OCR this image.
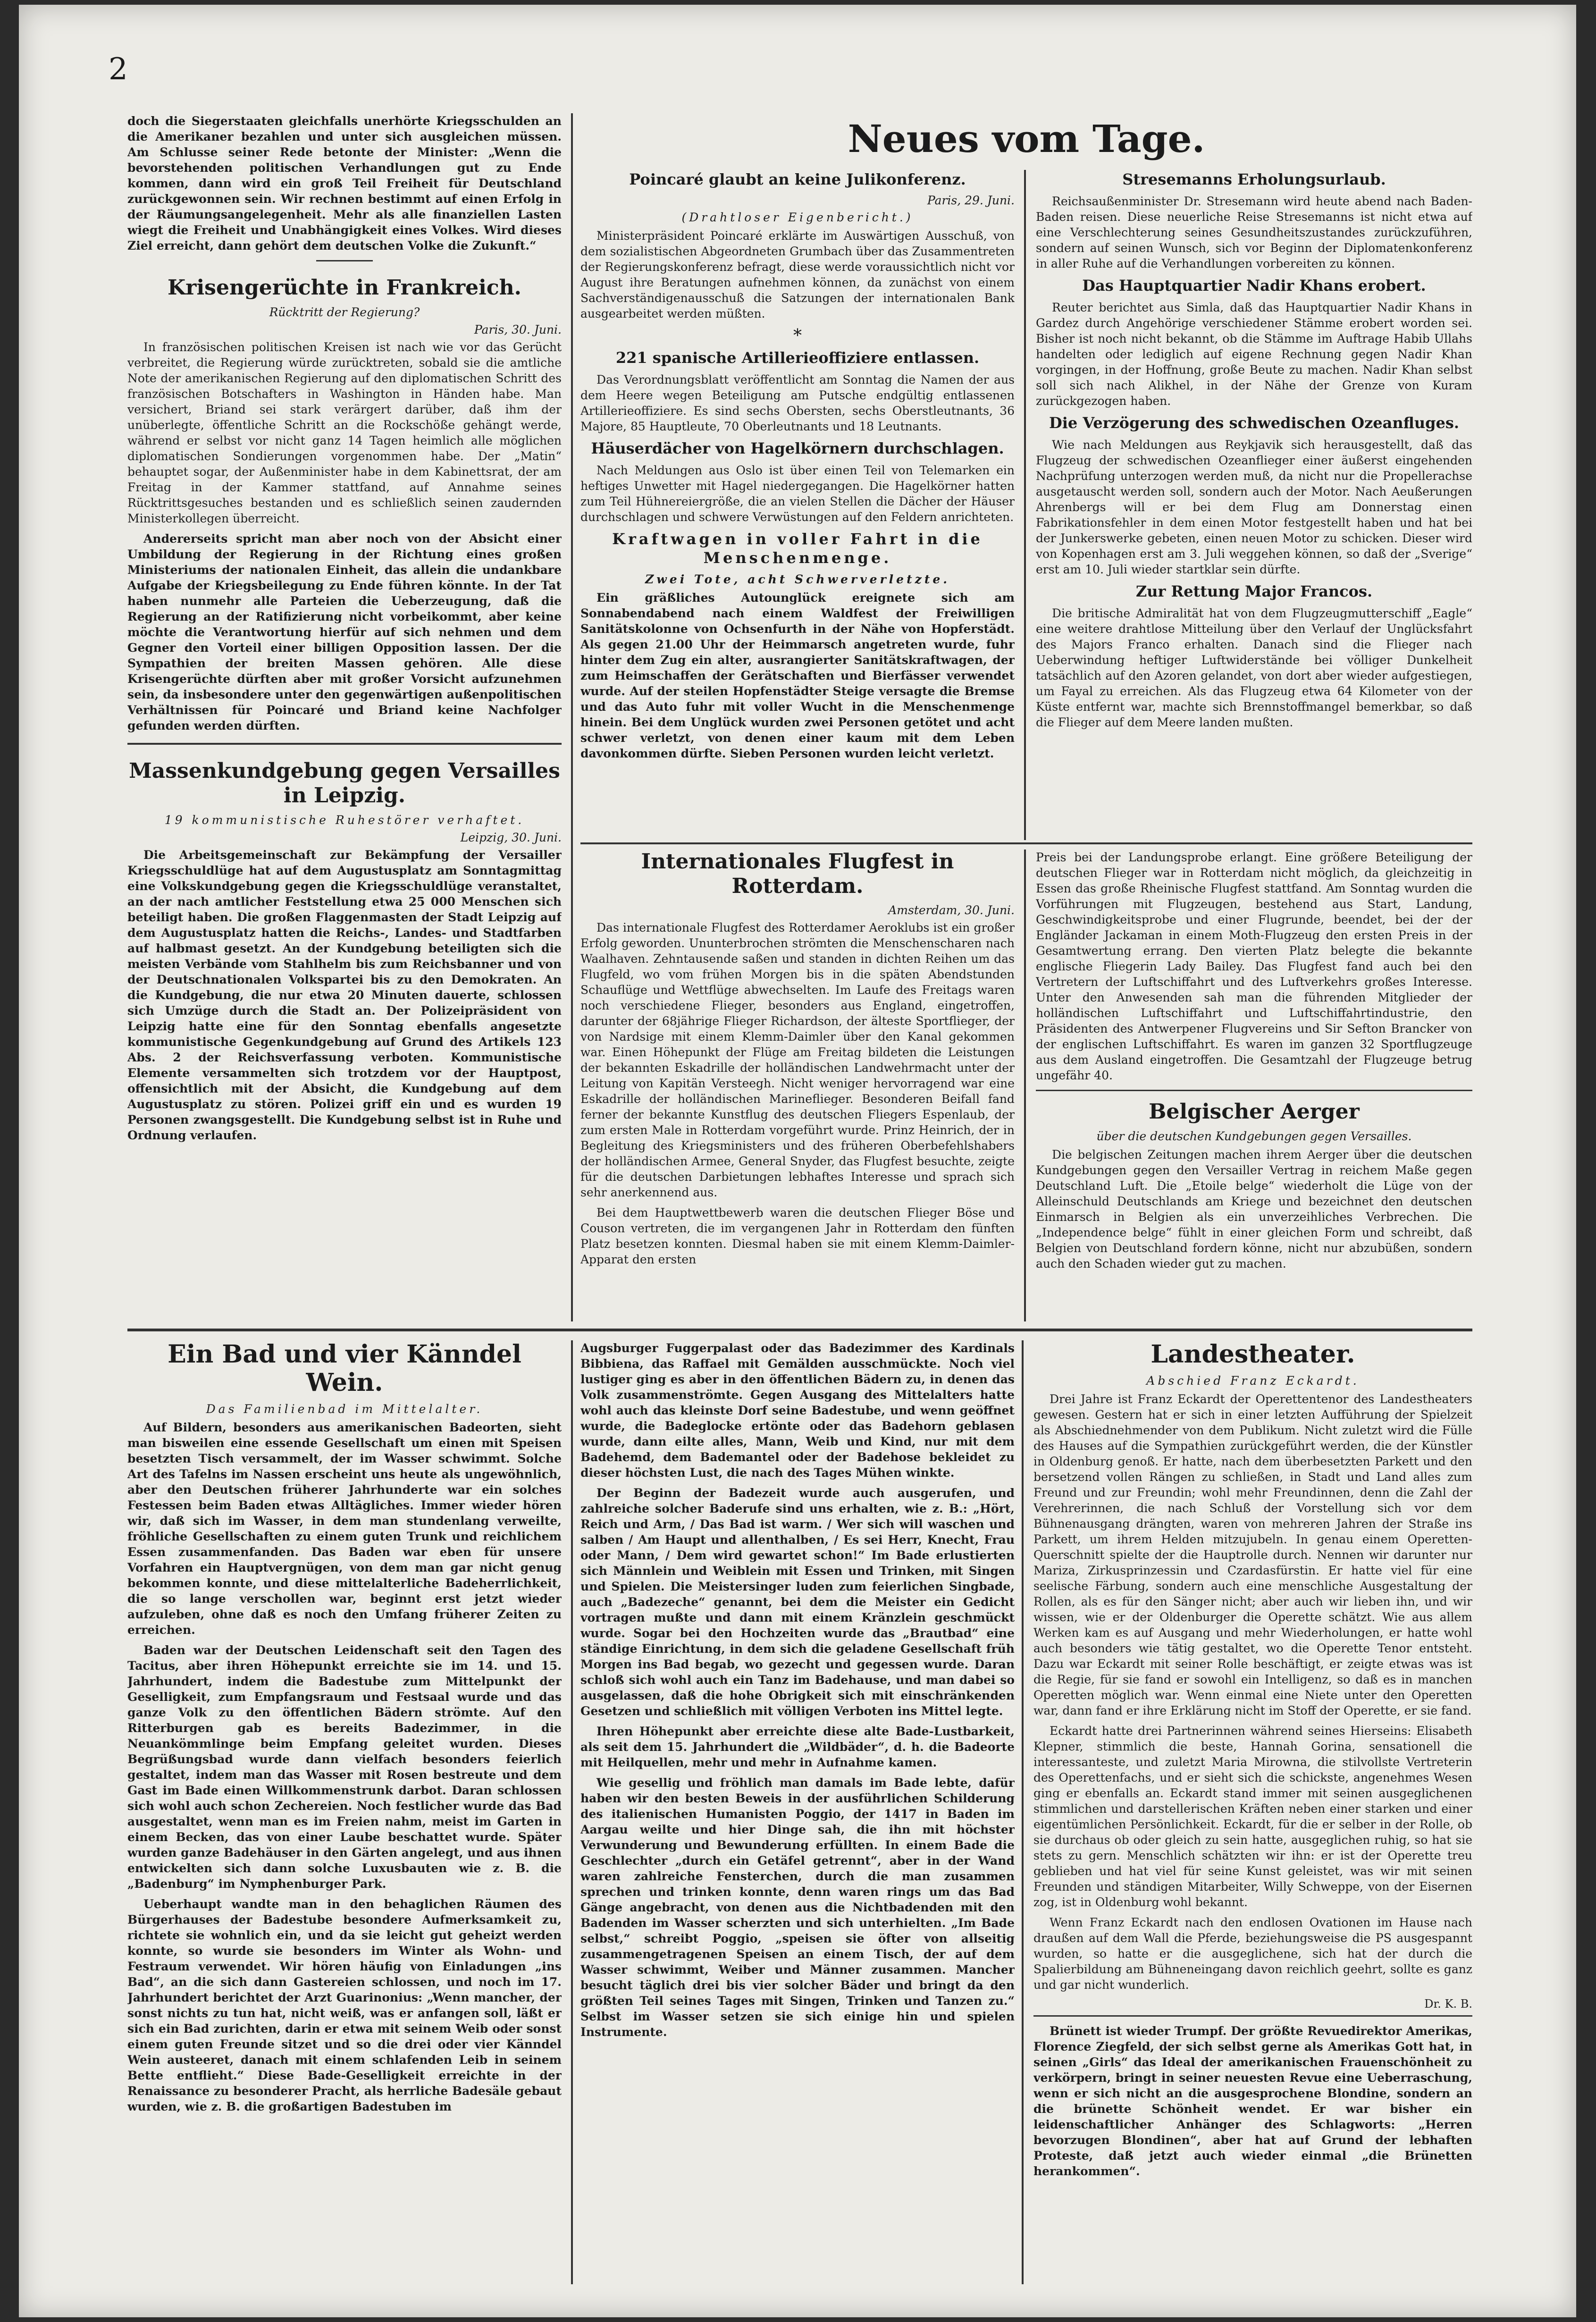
2

doch die Siegerstaaten gleichfalls unerhörte Kriegsschulden an die Amerikaner bezahlen und unter sich ausgleichen müssen. Am Schlusse seiner Rede betonte der Minister: „Wenn die bevorstehenden politischen Verhandlungen gut zu Ende kommen, dann wird ein groß Teil Freiheit für Deutschland zurückgewonnen sein. Wir rechnen bestimmt auf einen Erfolg in der Räumungsangelegenheit. Mehr als alle finanziellen Lasten wiegt die Freiheit und Unabhängigkeit eines Volkes. Wird dieses Ziel erreicht, dann gehört dem deutschen Volke die Zukunft.“

Krisengerüchte in Frankreich.
Rücktritt der Regierung?
Paris, 30. Juni.

In französischen politischen Kreisen ist nach wie vor das Gerücht verbreitet, die Regierung würde zurücktreten, sobald sie die amtliche Note der amerikanischen Regierung auf den diplomatischen Schritt des französischen Botschafters in Washington in Händen habe. Man versichert, Briand sei stark verärgert darüber, daß ihm der unüberlegte, öffentliche Schritt an die Rockschöße gehängt werde, während er selbst vor nicht ganz 14 Tagen heimlich alle möglichen diplomatischen Sondierungen vorgenommen habe. Der „Matin“ behauptet sogar, der Außenminister habe in dem Kabinettsrat, der am Freitag in der Kammer stattfand, auf Annahme seines Rücktrittsgesuches bestanden und es schließlich seinen zaudernden Ministerkollegen überreicht.

Andererseits spricht man aber noch von der Absicht einer Umbildung der Regierung in der Richtung eines großen Ministeriums der nationalen Einheit, das allein die undankbare Aufgabe der Kriegsbeilegung zu Ende führen könnte. In der Tat haben nunmehr alle Parteien die Ueberzeugung, daß die Regierung an der Ratifizierung nicht vorbeikommt, aber keine möchte die Verantwortung hierfür auf sich nehmen und dem Gegner den Vorteil einer billigen Opposition lassen. Der die Sympathien der breiten Massen gehören. Alle diese Krisengerüchte dürften aber mit großer Vorsicht aufzunehmen sein, da insbesondere unter den gegenwärtigen außenpolitischen Verhältnissen für Poincaré und Briand keine Nachfolger gefunden werden dürften.

Massenkundgebung gegen Versailles in Leipzig.
19 kommunistische Ruhestörer verhaftet.
Leipzig, 30. Juni.

Die Arbeitsgemeinschaft zur Bekämpfung der Versailler Kriegsschuldlüge hat auf dem Augustusplatz am Sonntagmittag eine Volkskundgebung gegen die Kriegsschuldlüge veranstaltet, an der nach amtlicher Feststellung etwa 25 000 Menschen sich beteiligt haben. Die großen Flaggenmasten der Stadt Leipzig auf dem Augustusplatz hatten die Reichs-, Landes- und Stadtfarben auf halbmast gesetzt. An der Kundgebung beteiligten sich die meisten Verbände vom Stahlhelm bis zum Reichsbanner und von der Deutschnationalen Volkspartei bis zu den Demokraten. An die Kundgebung, die nur etwa 20 Minuten dauerte, schlossen sich Umzüge durch die Stadt an. Der Polizeipräsident von Leipzig hatte eine für den Sonntag ebenfalls angesetzte kommunistische Gegenkundgebung auf Grund des Artikels 123 Abs. 2 der Reichsverfassung verboten. Kommunistische Elemente versammelten sich trotzdem vor der Hauptpost, offensichtlich mit der Absicht, die Kundgebung auf dem Augustusplatz zu stören. Polizei griff ein und es wurden 19 Personen zwangsgestellt. Die Kundgebung selbst ist in Ruhe und Ordnung verlaufen.

Neues vom Tage.
Poincaré glaubt an keine Julikonferenz.
Paris, 29. Juni.
(Drahtloser Eigenbericht.)

Ministerpräsident Poincaré erklärte im Auswärtigen Ausschuß, von dem sozialistischen Abgeordneten Grumbach über das Zusammentreten der Regierungskonferenz befragt, diese werde voraussichtlich nicht vor August ihre Beratungen aufnehmen können, da zunächst von einem Sachverständigenausschuß die Satzungen der internationalen Bank ausgearbeitet werden müßten.

*
221 spanische Artillerieoffiziere entlassen.

Das Verordnungsblatt veröffentlicht am Sonntag die Namen der aus dem Heere wegen Beteiligung am Putsche endgültig entlassenen Artillerieoffiziere. Es sind sechs Obersten, sechs Oberstleutnants, 36 Majore, 85 Hauptleute, 70 Oberleutnants und 18 Leutnants.

Häuserdächer von Hagelkörnern durchschlagen.

Nach Meldungen aus Oslo ist über einen Teil von Telemarken ein heftiges Unwetter mit Hagel niedergegangen. Die Hagelkörner hatten zum Teil Hühnereiergröße, die an vielen Stellen die Dächer der Häuser durchschlagen und schwere Verwüstungen auf den Feldern anrichteten.

Kraftwagen in voller Fahrt in die Menschenmenge.
Zwei Tote, acht Schwerverletzte.

Ein gräßliches Autounglück ereignete sich am Sonnabendabend nach einem Waldfest der Freiwilligen Sanitätskolonne von Ochsenfurth in der Nähe von Hopferstädt. Als gegen 21.00 Uhr der Heimmarsch angetreten wurde, fuhr hinter dem Zug ein alter, ausrangierter Sanitätskraftwagen, der zum Heimschaffen der Gerätschaften und Bierfässer verwendet wurde. Auf der steilen Hopfenstädter Steige versagte die Bremse und das Auto fuhr mit voller Wucht in die Menschenmenge hinein. Bei dem Unglück wurden zwei Personen getötet und acht schwer verletzt, von denen einer kaum mit dem Leben davonkommen dürfte. Sieben Personen wurden leicht verletzt.

Stresemanns Erholungsurlaub.

Reichsaußenminister Dr. Stresemann wird heute abend nach Baden-Baden reisen. Diese neuerliche Reise Stresemanns ist nicht etwa auf eine Verschlechterung seines Gesundheitszustandes zurückzuführen, sondern auf seinen Wunsch, sich vor Beginn der Diplomatenkonferenz in aller Ruhe auf die Verhandlungen vorbereiten zu können.

Das Hauptquartier Nadir Khans erobert.

Reuter berichtet aus Simla, daß das Hauptquartier Nadir Khans in Gardez durch Angehörige verschiedener Stämme erobert worden sei. Bisher ist noch nicht bekannt, ob die Stämme im Auftrage Habib Ullahs handelten oder lediglich auf eigene Rechnung gegen Nadir Khan vorgingen, in der Hoffnung, große Beute zu machen. Nadir Khan selbst soll sich nach Alikhel, in der Nähe der Grenze von Kuram zurückgezogen haben.

Die Verzögerung des schwedischen Ozeanfluges.

Wie nach Meldungen aus Reykjavik sich herausgestellt, daß das Flugzeug der schwedischen Ozeanflieger einer äußerst eingehenden Nachprüfung unterzogen werden muß, da nicht nur die Propellerachse ausgetauscht werden soll, sondern auch der Motor. Nach Aeußerungen Ahrenbergs will er bei dem Flug am Donnerstag einen Fabrikationsfehler in dem einen Motor festgestellt haben und hat bei der Junkerswerke gebeten, einen neuen Motor zu schicken. Dieser wird von Kopenhagen erst am 3. Juli weggehen können, so daß der „Sverige“ erst am 10. Juli wieder startklar sein dürfte.

Zur Rettung Major Francos.

Die britische Admiralität hat von dem Flugzeugmutterschiff „Eagle“ eine weitere drahtlose Mitteilung über den Verlauf der Unglücksfahrt des Majors Franco erhalten. Danach sind die Flieger nach Ueberwindung heftiger Luftwiderstände bei völliger Dunkelheit tatsächlich auf den Azoren gelandet, von dort aber wieder aufgestiegen, um Fayal zu erreichen. Als das Flugzeug etwa 64 Kilometer von der Küste entfernt war, machte sich Brennstoffmangel bemerkbar, so daß die Flieger auf dem Meere landen mußten.

Internationales Flugfest in Rotterdam.
Amsterdam, 30. Juni.

Das internationale Flugfest des Rotterdamer Aeroklubs ist ein großer Erfolg geworden. Ununterbrochen strömten die Menschenscharen nach Waalhaven. Zehntausende saßen und standen in dichten Reihen um das Flugfeld, wo vom frühen Morgen bis in die späten Abendstunden Schauflüge und Wettflüge abwechselten. Im Laufe des Freitags waren noch verschiedene Flieger, besonders aus England, eingetroffen, darunter der 68jährige Flieger Richardson, der älteste Sportflieger, der von Nardsige mit einem Klemm-Daimler über den Kanal gekommen war. Einen Höhepunkt der Flüge am Freitag bildeten die Leistungen der bekannten Eskadrille der holländischen Landwehrmacht unter der Leitung von Kapitän Versteegh. Nicht weniger hervorragend war eine Eskadrille der holländischen Marineflieger. Besonderen Beifall fand ferner der bekannte Kunstflug des deutschen Fliegers Espenlaub, der zum ersten Male in Rotterdam vorgeführt wurde. Prinz Heinrich, der in Begleitung des Kriegsministers und des früheren Oberbefehlshabers der holländischen Armee, General Snyder, das Flugfest besuchte, zeigte für die deutschen Darbietungen lebhaftes Interesse und sprach sich sehr anerkennend aus.

Bei dem Hauptwettbewerb waren die deutschen Flieger Böse und Couson vertreten, die im vergangenen Jahr in Rotterdam den fünften Platz besetzen konnten. Diesmal haben sie mit einem Klemm-Daimler-Apparat den ersten

Preis bei der Landungsprobe erlangt. Eine größere Beteiligung der deutschen Flieger war in Rotterdam nicht möglich, da gleichzeitig in Essen das große Rheinische Flugfest stattfand. Am Sonntag wurden die Vorführungen mit Flugzeugen, bestehend aus Start, Landung, Geschwindigkeitsprobe und einer Flugrunde, beendet, bei der der Engländer Jackaman in einem Moth-Flugzeug den ersten Preis in der Gesamtwertung errang. Den vierten Platz belegte die bekannte englische Fliegerin Lady Bailey. Das Flugfest fand auch bei den Vertretern der Luftschiffahrt und des Luftverkehrs großes Interesse. Unter den Anwesenden sah man die führenden Mitglieder der holländischen Luftschiffahrt und Luftschiffahrtindustrie, den Präsidenten des Antwerpener Flugvereins und Sir Sefton Brancker von der englischen Luftschiffahrt. Es waren im ganzen 32 Sportflugzeuge aus dem Ausland eingetroffen. Die Gesamtzahl der Flugzeuge betrug ungefähr 40.

Belgischer Aerger
über die deutschen Kundgebungen gegen Versailles.

Die belgischen Zeitungen machen ihrem Aerger über die deutschen Kundgebungen gegen den Versailler Vertrag in reichem Maße gegen Deutschland Luft. Die „Etoile belge“ wiederholt die Lüge von der Alleinschuld Deutschlands am Kriege und bezeichnet den deutschen Einmarsch in Belgien als ein unverzeihliches Verbrechen. Die „Independence belge“ fühlt in einer gleichen Form und schreibt, daß Belgien von Deutschland fordern könne, nicht nur abzubüßen, sondern auch den Schaden wieder gut zu machen.

Ein Bad und vier Känndel Wein.
Das Familienbad im Mittelalter.

Auf Bildern, besonders aus amerikanischen Badeorten, sieht man bisweilen eine essende Gesellschaft um einen mit Speisen besetzten Tisch versammelt, der im Wasser schwimmt. Solche Art des Tafelns im Nassen erscheint uns heute als ungewöhnlich, aber den Deutschen früherer Jahrhunderte war ein solches Festessen beim Baden etwas Alltägliches. Immer wieder hören wir, daß sich im Wasser, in dem man stundenlang verweilte, fröhliche Gesellschaften zu einem guten Trunk und reichlichem Essen zusammenfanden. Das Baden war eben für unsere Vorfahren ein Hauptvergnügen, von dem man gar nicht genug bekommen konnte, und diese mittelalterliche Badeherrlichkeit, die so lange verschollen war, beginnt erst jetzt wieder aufzuleben, ohne daß es noch den Umfang früherer Zeiten zu erreichen.

Baden war der Deutschen Leidenschaft seit den Tagen des Tacitus, aber ihren Höhepunkt erreichte sie im 14. und 15. Jahrhundert, indem die Badestube zum Mittelpunkt der Geselligkeit, zum Empfangsraum und Festsaal wurde und das ganze Volk zu den öffentlichen Bädern strömte. Auf den Ritterburgen gab es bereits Badezimmer, in die Neuankömmlinge beim Empfang geleitet wurden. Dieses Begrüßungsbad wurde dann vielfach besonders feierlich gestaltet, indem man das Wasser mit Rosen bestreute und dem Gast im Bade einen Willkommenstrunk darbot. Daran schlossen sich wohl auch schon Zechereien. Noch festlicher wurde das Bad ausgestaltet, wenn man es im Freien nahm, meist im Garten in einem Becken, das von einer Laube beschattet wurde. Später wurden ganze Badehäuser in den Gärten angelegt, und aus ihnen entwickelten sich dann solche Luxusbauten wie z. B. die „Badenburg“ im Nymphenburger Park.

Ueberhaupt wandte man in den behaglichen Räumen des Bürgerhauses der Badestube besondere Aufmerksamkeit zu, richtete sie wohnlich ein, und da sie leicht gut geheizt werden konnte, so wurde sie besonders im Winter als Wohn- und Festraum verwendet. Wir hören häufig von Einladungen „ins Bad“, an die sich dann Gastereien schlossen, und noch im 17. Jahrhundert berichtet der Arzt Guarinonius: „Wenn mancher, der sonst nichts zu tun hat, nicht weiß, was er anfangen soll, läßt er sich ein Bad zurichten, darin er etwa mit seinem Weib oder sonst einem guten Freunde sitzet und so die drei oder vier Känndel Wein austeeret, danach mit einem schlafenden Leib in seinem Bette entflieht.“ Diese Bade-Geselligkeit erreichte in der Renaissance zu besonderer Pracht, als herrliche Badesäle gebaut wurden, wie z. B. die großartigen Badestuben im

Augsburger Fuggerpalast oder das Badezimmer des Kardinals Bibbiena, das Raffael mit Gemälden ausschmückte. Noch viel lustiger ging es aber in den öffentlichen Bädern zu, in denen das Volk zusammenströmte. Gegen Ausgang des Mittelalters hatte wohl auch das kleinste Dorf seine Badestube, und wenn geöffnet wurde, die Badeglocke ertönte oder das Badehorn geblasen wurde, dann eilte alles, Mann, Weib und Kind, nur mit dem Badehemd, dem Bademantel oder der Badehose bekleidet zu dieser höchsten Lust, die nach des Tages Mühen winkte.

Der Beginn der Badezeit wurde auch ausgerufen, und zahlreiche solcher Baderufe sind uns erhalten, wie z. B.: „Hört, Reich und Arm, / Das Bad ist warm. / Wer sich will waschen und salben / Am Haupt und allenthalben, / Es sei Herr, Knecht, Frau oder Mann, / Dem wird gewartet schon!“ Im Bade erlustierten sich Männlein und Weiblein mit Essen und Trinken, mit Singen und Spielen. Die Meistersinger luden zum feierlichen Singbade, auch „Badezeche“ genannt, bei dem die Meister ein Gedicht vortragen mußte und dann mit einem Kränzlein geschmückt wurde. Sogar bei den Hochzeiten wurde das „Brautbad“ eine ständige Einrichtung, in dem sich die geladene Gesellschaft früh Morgen ins Bad begab, wo gezecht und gegessen wurde. Daran schloß sich wohl auch ein Tanz im Badehause, und man dabei so ausgelassen, daß die hohe Obrigkeit sich mit einschränkenden Gesetzen und schließlich mit völligen Verboten ins Mittel legte.

Ihren Höhepunkt aber erreichte diese alte Bade-Lustbarkeit, als seit dem 15. Jahrhundert die „Wildbäder“, d. h. die Badeorte mit Heilquellen, mehr und mehr in Aufnahme kamen.

Wie gesellig und fröhlich man damals im Bade lebte, dafür haben wir den besten Beweis in der ausführlichen Schilderung des italienischen Humanisten Poggio, der 1417 in Baden im Aargau weilte und hier Dinge sah, die ihn mit höchster Verwunderung und Bewunderung erfüllten. In einem Bade die Geschlechter „durch ein Getäfel getrennt“, aber in der Wand waren zahlreiche Fensterchen, durch die man zusammen sprechen und trinken konnte, denn waren rings um das Bad Gänge angebracht, von denen aus die Nichtbadenden mit den Badenden im Wasser scherzten und sich unterhielten. „Im Bade selbst,“ schreibt Poggio, „speisen sie öfter von allseitig zusammengetragenen Speisen an einem Tisch, der auf dem Wasser schwimmt, Weiber und Männer zusammen. Mancher besucht täglich drei bis vier solcher Bäder und bringt da den größten Teil seines Tages mit Singen, Trinken und Tanzen zu.“ Selbst im Wasser setzen sie sich einige hin und spielen Instrumente.

Landestheater.
Abschied Franz Eckardt.

Drei Jahre ist Franz Eckardt der Operettentenor des Landestheaters gewesen. Gestern hat er sich in einer letzten Aufführung der Spielzeit als Abschiednehmender von dem Publikum. Nicht zuletzt wird die Fülle des Hauses auf die Sympathien zurückgeführt werden, die der Künstler in Oldenburg genoß. Er hatte, nach dem überbesetzten Parkett und den bersetzend vollen Rängen zu schließen, in Stadt und Land alles zum Freund und zur Freundin; wohl mehr Freundinnen, denn die Zahl der Verehrerinnen, die nach Schluß der Vorstellung sich vor dem Bühnenausgang drängten, waren von mehreren Jahren der Straße ins Parkett, um ihrem Helden mitzujubeln. In genau einem Operetten-Querschnitt spielte der die Hauptrolle durch. Nennen wir darunter nur Mariza, Zirkusprinzessin und Czardasfürstin. Er hatte viel für eine seelische Färbung, sondern auch eine menschliche Ausgestaltung der Rollen, als es für den Sänger nicht; aber auch wir lieben ihn, und wir wissen, wie er der Oldenburger die Operette schätzt. Wie aus allem Werken kam es auf Ausgang und mehr Wiederholungen, er hatte wohl auch besonders wie tätig gestaltet, wo die Operette Tenor entsteht. Dazu war Eckardt mit seiner Rolle beschäftigt, er zeigte etwas was ist die Regie, für sie fand er sowohl ein Intelligenz, so daß es in manchen Operetten möglich war. Wenn einmal eine Niete unter den Operetten war, dann fand er ihre Erklärung nicht im Stoff der Operette, er sie fand.

Eckardt hatte drei Partnerinnen während seines Hierseins: Elisabeth Klepner, stimmlich die beste, Hannah Gorina, sensationell die interessanteste, und zuletzt Maria Mirowna, die stilvollste Vertreterin des Operettenfachs, und er sieht sich die schickste, angenehmes Wesen ging er ebenfalls an. Eckardt stand immer mit seinen ausgeglichenen stimmlichen und darstellerischen Kräften neben einer starken und einer eigentümlichen Persönlichkeit. Eckardt, für die er selber in der Rolle, ob sie durchaus ob oder gleich zu sein hatte, ausgeglichen ruhig, so hat sie stets zu gern. Menschlich schätzten wir ihn: er ist der Operette treu geblieben und hat viel für seine Kunst geleistet, was wir mit seinen Freunden und ständigen Mitarbeiter, Willy Schweppe, von der Eisernen zog, ist in Oldenburg wohl bekannt.

Wenn Franz Eckardt nach den endlosen Ovationen im Hause nach draußen auf dem Wall die Pferde, beziehungsweise die PS ausgespannt wurden, so hatte er die ausgeglichene, sich hat der durch die Spalierbildung am Bühneneingang davon reichlich geehrt, sollte es ganz und gar nicht wunderlich.

Dr. K. B.

Brünett ist wieder Trumpf. Der größte Revuedirektor Amerikas, Florence Ziegfeld, der sich selbst gerne als Amerikas Gott hat, in seinen „Girls“ das Ideal der amerikanischen Frauenschönheit zu verkörpern, bringt in seiner neuesten Revue eine Ueberraschung, wenn er sich nicht an die ausgesprochene Blondine, sondern an die brünette Schönheit wendet. Er war bisher ein leidenschaftlicher Anhänger des Schlagworts: „Herren bevorzugen Blondinen“, aber hat auf Grund der lebhaften Proteste, daß jetzt auch wieder einmal „die Brünetten herankommen“.
